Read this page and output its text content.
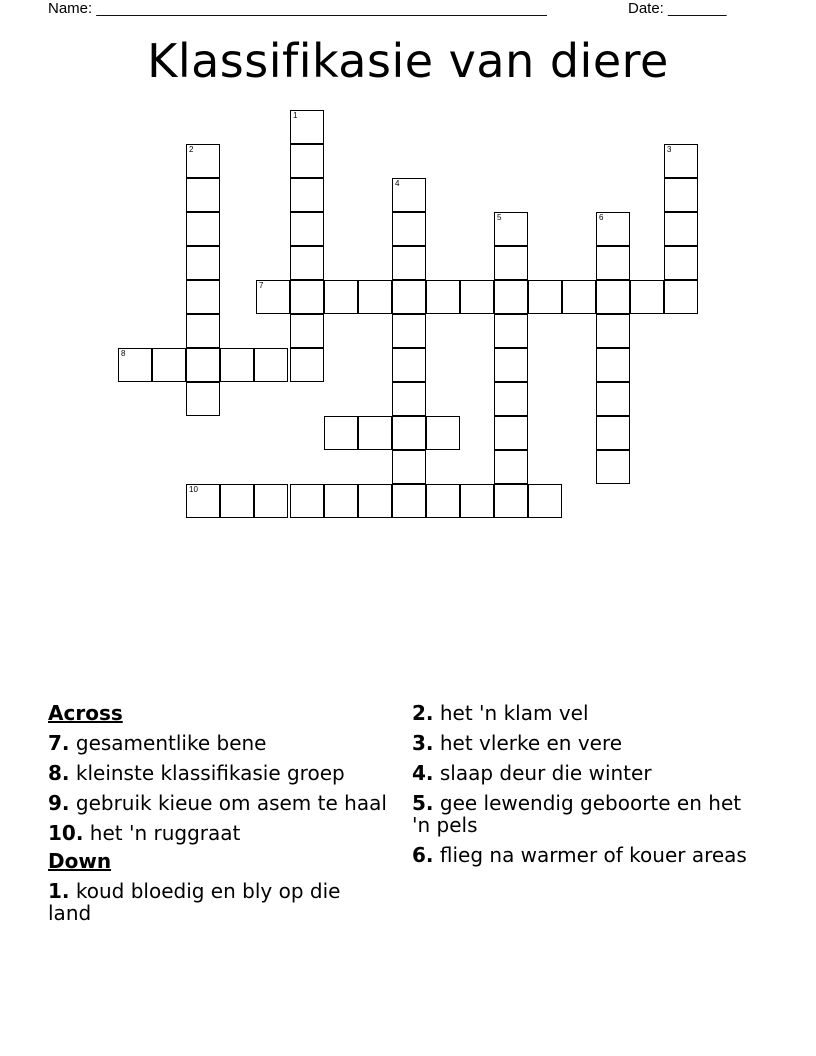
Name: ______________________________________________________	Date: _______
Klassifikasie van diere
1
2	3
4
5	6
7
8
10
Across
7. gesamentlike bene
8. kleinste klassifikasie groep
9. gebruik kieue om asem te haal
10. het 'n ruggraat
Down
1. koud bloedig en bly op die land
2. het 'n klam vel
3. het vlerke en vere
4. slaap deur die winter
5. gee lewendig geboorte en het 'n pels
6. flieg na warmer of kouer areas
